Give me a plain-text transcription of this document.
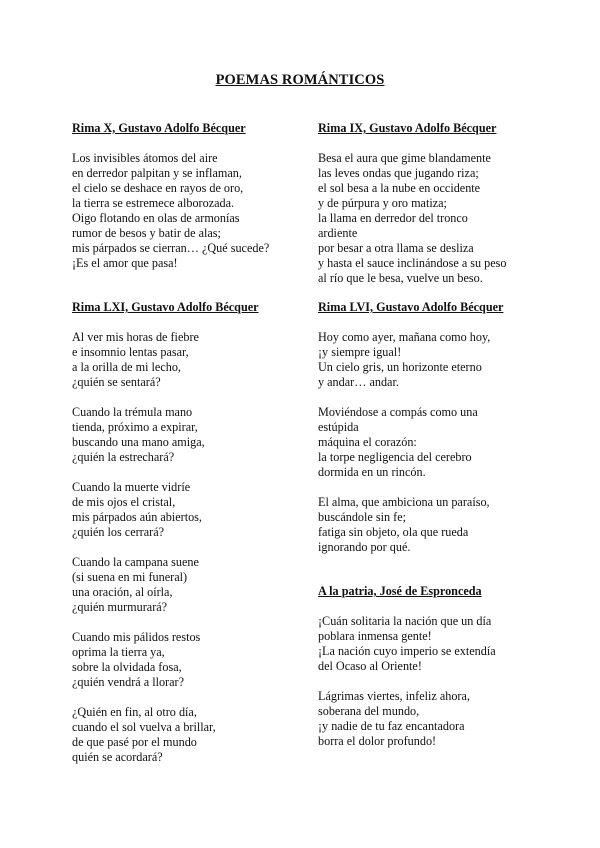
POEMAS ROMÁNTICOS
Rima X, Gustavo Adolfo Bécquer
Los invisibles átomos del aire
en derredor palpitan y se inflaman,
el cielo se deshace en rayos de oro,
la tierra se estremece alborozada.
Oigo flotando en olas de armonías
rumor de besos y batir de alas;
mis párpados se cierran… ¿Qué sucede?
¡Es el amor que pasa!
Rima LXI, Gustavo Adolfo Bécquer
Al ver mis horas de fiebre
e insomnio lentas pasar,
a la orilla de mi lecho,
¿quién se sentará?
Cuando la trémula mano
tienda, próximo a expirar,
buscando una mano amiga,
¿quién la estrechará?
Cuando la muerte vidríe
de mis ojos el cristal,
mis párpados aún abiertos,
¿quién los cerrará?
Cuando la campana suene
(si suena en mi funeral)
una oración, al oírla,
¿quién murmurará?
Cuando mis pálidos restos
oprima la tierra ya,
sobre la olvidada fosa,
¿quién vendrá a llorar?
¿Quién en fin, al otro día,
cuando el sol vuelva a brillar,
de que pasé por el mundo
quién se acordará?
Rima IX, Gustavo Adolfo Bécquer
Besa el aura que gime blandamente
las leves ondas que jugando riza;
el sol besa a la nube en occidente
y de púrpura y oro matiza;
la llama en derredor del tronco
ardiente
por besar a otra llama se desliza
y hasta el sauce inclinándose a su peso
al río que le besa, vuelve un beso.
Rima LVI, Gustavo Adolfo Bécquer
Hoy como ayer, mañana como hoy,
¡y siempre igual!
Un cielo gris, un horizonte eterno
y andar… andar.
Moviéndose a compás como una
estúpida
máquina el corazón:
la torpe negligencia del cerebro
dormida en un rincón.
El alma, que ambiciona un paraíso,
buscándole sin fe;
fatiga sin objeto, ola que rueda
ignorando por qué.
A la patria, José de Espronceda
¡Cuán solitaria la nación que un día
poblara inmensa gente!
¡La nación cuyo imperio se extendía
del Ocaso al Oriente!
Lágrimas viertes, infeliz ahora,
soberana del mundo,
¡y nadie de tu faz encantadora
borra el dolor profundo!
